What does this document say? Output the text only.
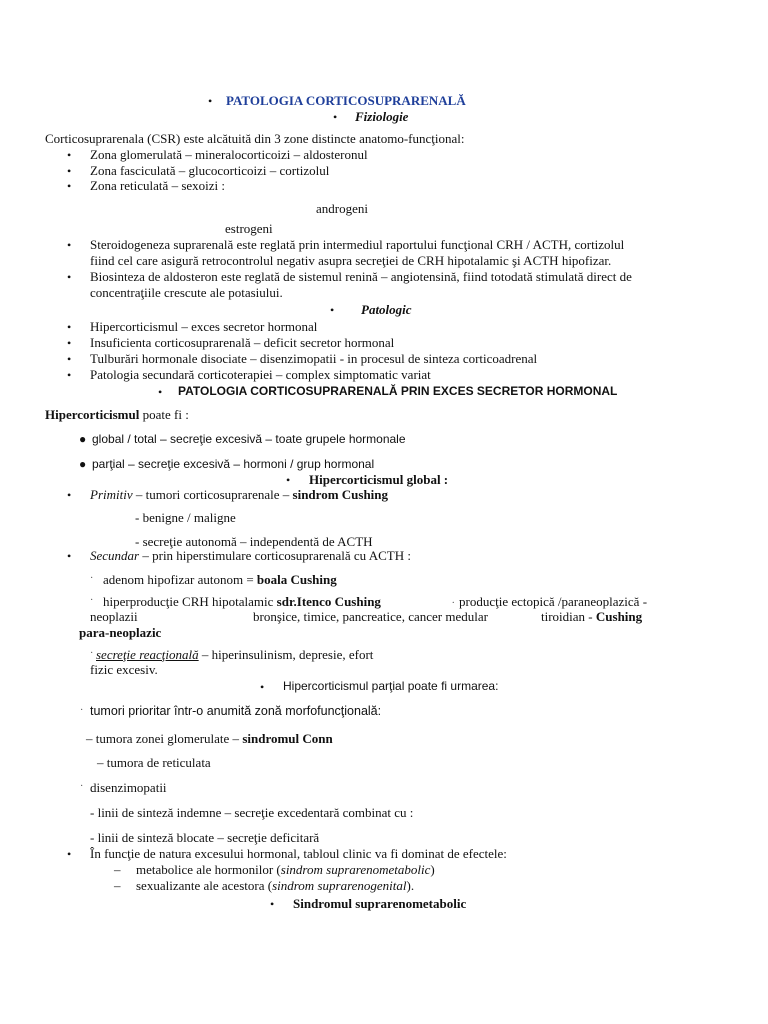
• PATOLOGIA CORTICOSUPRARENALĂ
• Fiziologie
Corticosuprarenala (CSR) este alcătuită din 3 zone distincte anatomo-funcţional:
• Zona glomerulată – mineralocorticoizi – aldosteronul
• Zona fasciculată – glucocorticoizi – cortizolul
• Zona reticulată – sexoizi :
androgeni
estrogeni
• Steroidogeneza suprarenală este reglată prin intermediul raportului funcţional CRH / ACTH, cortizolul
fiind cel care asigură retrocontrolul negativ asupra secreţiei de CRH hipotalamic şi ACTH hipofizar.
• Biosinteza de aldosteron este reglată de sistemul renină – angiotensină, fiind totodată stimulată direct de
concentraţiile crescute ale potasiului.
• Patologic
• Hipercorticismul – exces secretor hormonal
• Insuficienta corticosuprarenală – deficit secretor hormonal
• Tulburări hormonale disociate – disenzimopatii - in procesul de sinteza corticoadrenal
• Patologia secundară corticoterapiei – complex simptomatic variat
• PATOLOGIA CORTICOSUPRARENALĂ PRIN EXCES SECRETOR HORMONAL
Hipercorticismul poate fi :
● global / total – secreţie excesivă – toate grupele hormonale
● parţial – secreţie excesivă – hormoni / grup hormonal
• Hipercorticismul global :
• Primitiv – tumori corticosuprarenale – sindrom Cushing
- benigne / maligne
- secreţie autonomă – independentă de ACTH
• Secundar – prin hiperstimulare corticosuprarenală cu ACTH :
· adenom hipofizar autonom = boala Cushing
· hiperproducţie CRH hipotalamic sdr.Itenco Cushing	. producţie ectopică /paraneoplazică -
neoplazii	bronşice, timice, pancreatice, cancer medular	tiroidian - Cushing
para-neoplazic
· secreţie reacţională – hiperinsulinism, depresie, efort
fizic excesiv.
• Hipercorticismul parţial poate fi urmarea:
· tumori prioritar într-o anumită zonă morfofuncţională:
– tumora zonei glomerulate – sindromul Conn
– tumora de reticulata
· disenzimopatii
- linii de sinteză indemne – secreţie excedentară combinat cu :
- linii de sinteză blocate – secreţie deficitară
• În funcţie de natura excesului hormonal, tabloul clinic va fi dominat de efectele:
– metabolice ale hormonilor (sindrom suprarenometabolic)
– sexualizante ale acestora (sindrom suprarenogenital).
• Sindromul suprarenometabolic
